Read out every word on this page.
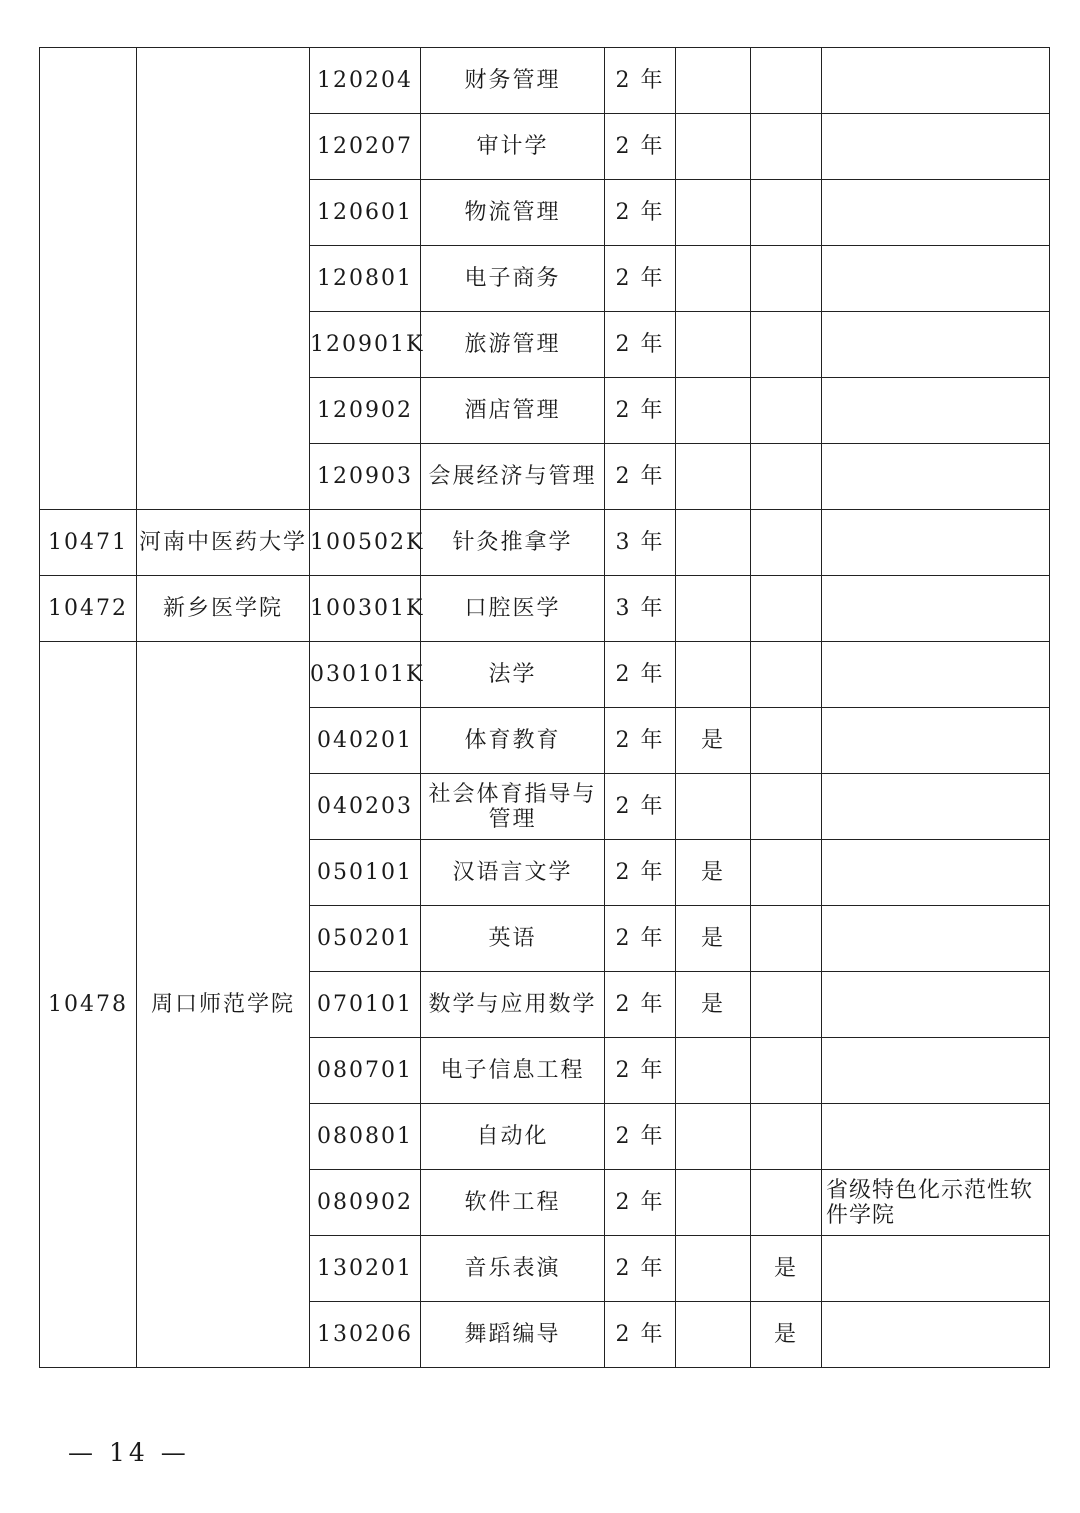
		120204	财务管理	2 年			
		120207	审计学	2 年			
		120601	物流管理	2 年			
		120801	电子商务	2 年			
		120901K	旅游管理	2 年			
		120902	酒店管理	2 年			
		120903	会展经济与管理	2 年			
10471	河南中医药大学	100502K	针灸推拿学	3 年			
10472	新乡医学院	100301K	口腔医学	3 年			
10478	周口师范学院	030101K	法学	2 年			
		040201	体育教育	2 年	是		
		040203	社会体育指导与管理	2 年			
		050101	汉语言文学	2 年	是		
		050201	英语	2 年	是		
		070101	数学与应用数学	2 年	是		
		080701	电子信息工程	2 年			
		080801	自动化	2 年			
		080902	软件工程	2 年			省级特色化示范性软件学院
		130201	音乐表演	2 年		是	
		130206	舞蹈编导	2 年		是	
— 14 —
